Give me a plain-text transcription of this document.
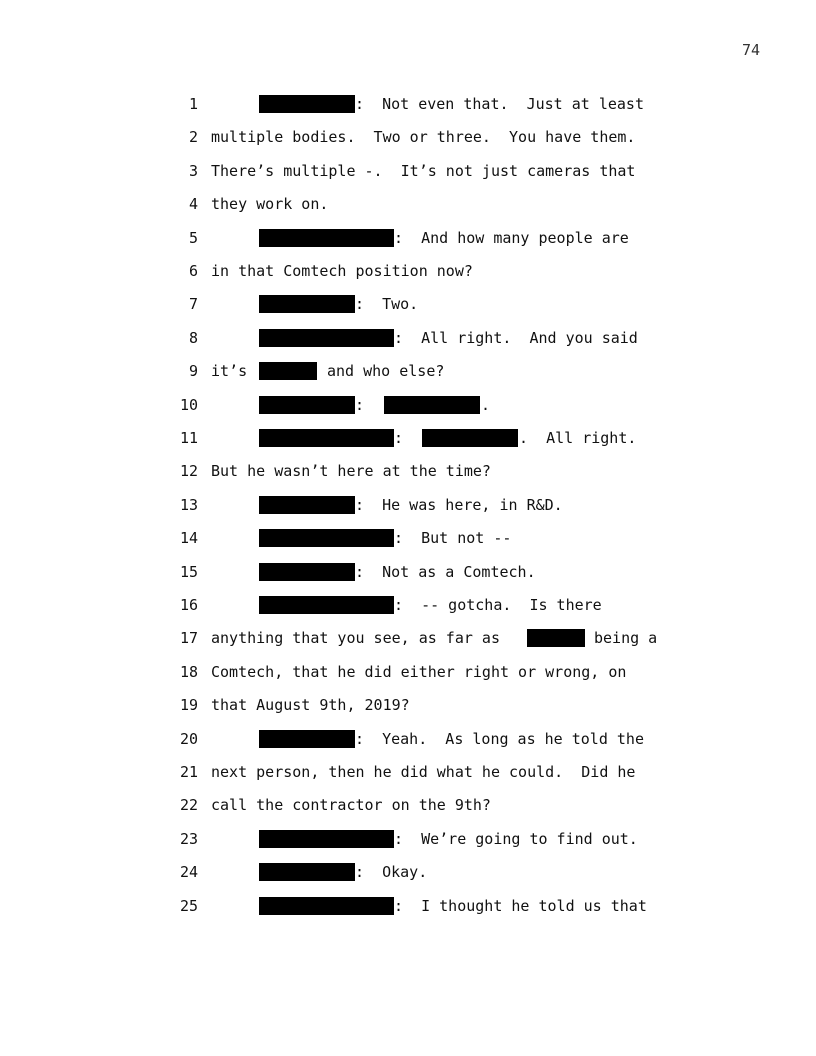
74
1	:  Not even that.  Just at least
2 multiple bodies.  Two or three.  You have them.
3 There’s multiple -.  It’s not just cameras that
4 they work on.
5	:  And how many people are
6 in that Comtech position now?
7	:  Two.
8	:  All right.  And you said
9 it’s	and who else?
10	:	.
11	:	.  All right.
12 But he wasn’t here at the time?
13	:  He was here, in R&D.
14	:  But not --
15	:  Not as a Comtech.
16	:  -- gotcha.  Is there
17 anything that you see, as far as	being a
18 Comtech, that he did either right or wrong, on
19 that August 9th, 2019?
20	:  Yeah.  As long as he told the
21 next person, then he did what he could.  Did he
22 call the contractor on the 9th?
23	:  We’re going to find out.
24	:  Okay.
25	:  I thought he told us that
